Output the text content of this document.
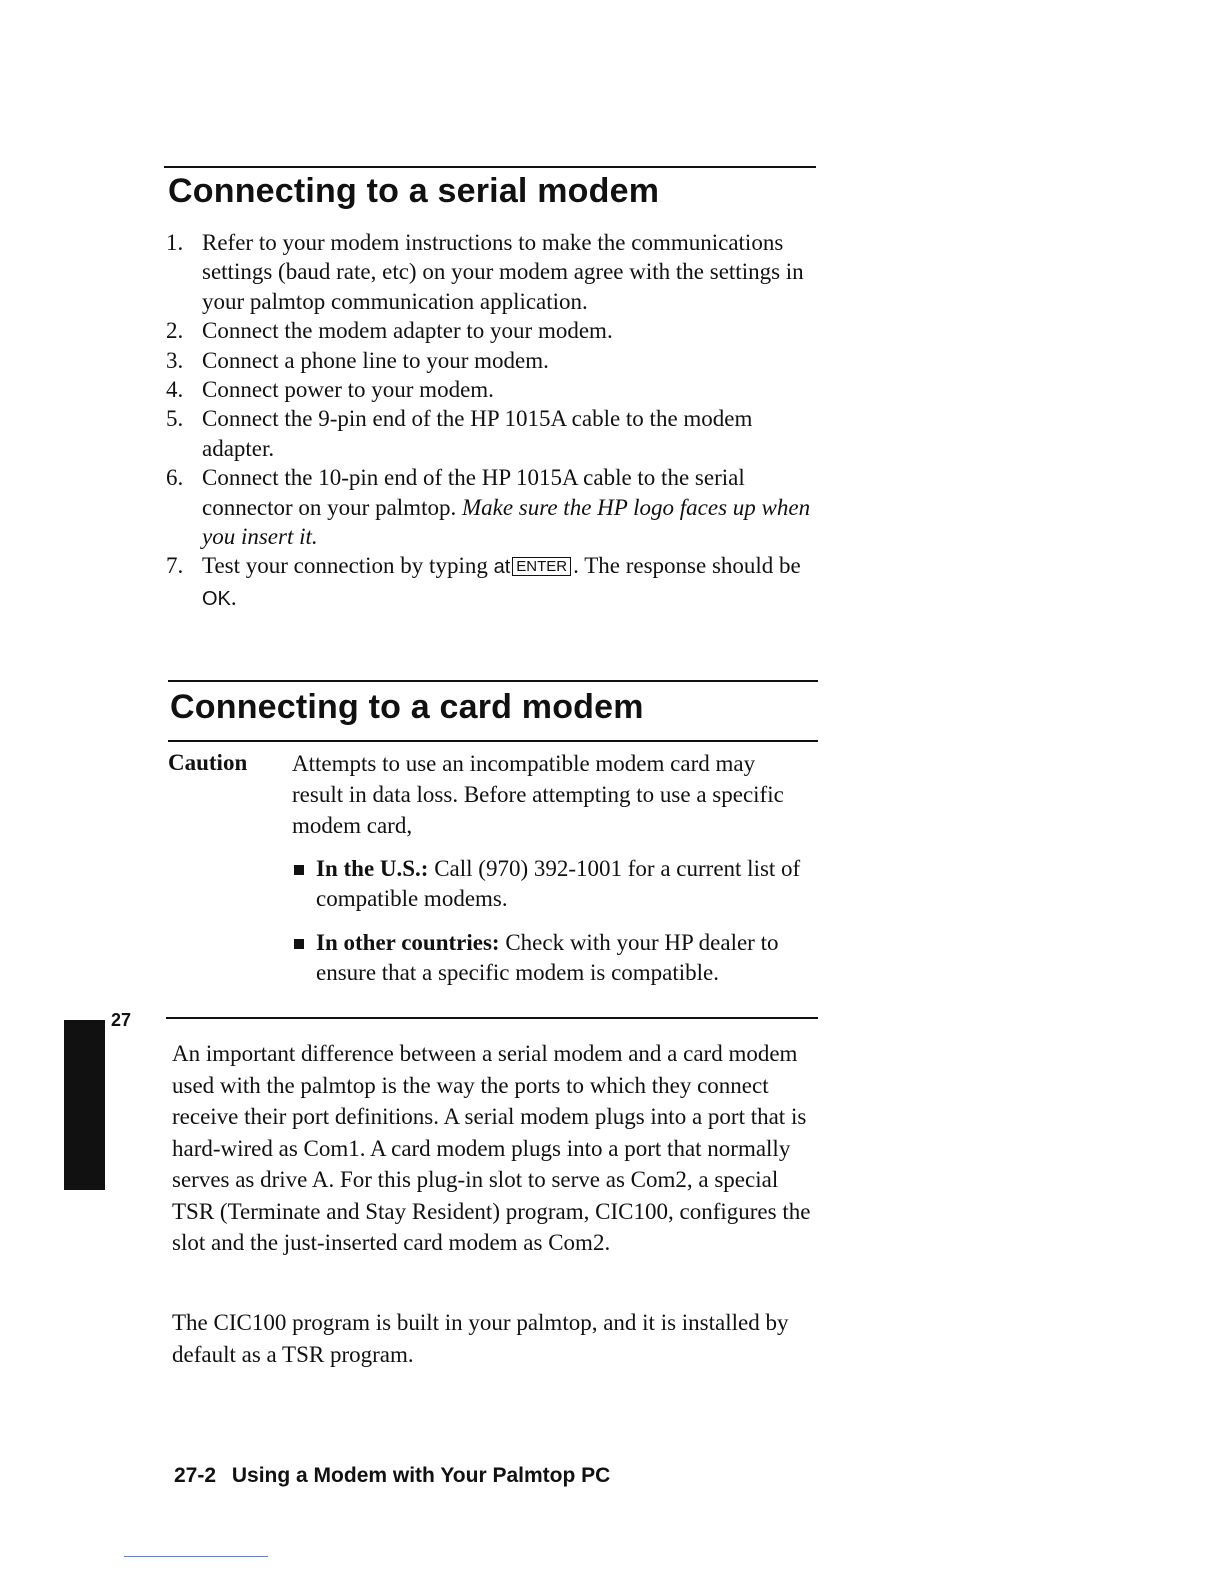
Connecting to a serial modem
1. Refer to your modem instructions to make the communications settings (baud rate, etc) on your modem agree with the settings in your palmtop communication application.
2. Connect the modem adapter to your modem.
3. Connect a phone line to your modem.
4. Connect power to your modem.
5. Connect the 9-pin end of the HP 1015A cable to the modem adapter.
6. Connect the 10-pin end of the HP 1015A cable to the serial connector on your palmtop. Make sure the HP logo faces up when you insert it.
7. Test your connection by typing at ENTER . The response should be OK.
Connecting to a card modem
Caution Attempts to use an incompatible modem card may result in data loss. Before attempting to use a specific modem card,
In the U.S.: Call (970) 392-1001 for a current list of compatible modems.
In other countries: Check with your HP dealer to ensure that a specific modem is compatible.
27

An important difference between a serial modem and a card modem used with the palmtop is the way the ports to which they connect receive their port definitions. A serial modem plugs into a port that is hard-wired as Com1. A card modem plugs into a port that normally serves as drive A. For this plug-in slot to serve as Com2, a special TSR (Terminate and Stay Resident) program, CIC100, configures the slot and the just-inserted card modem as Com2.

The CIC100 program is built in your palmtop, and it is installed by default as a TSR program.

27-2 Using a Modem with Your Palmtop PC
